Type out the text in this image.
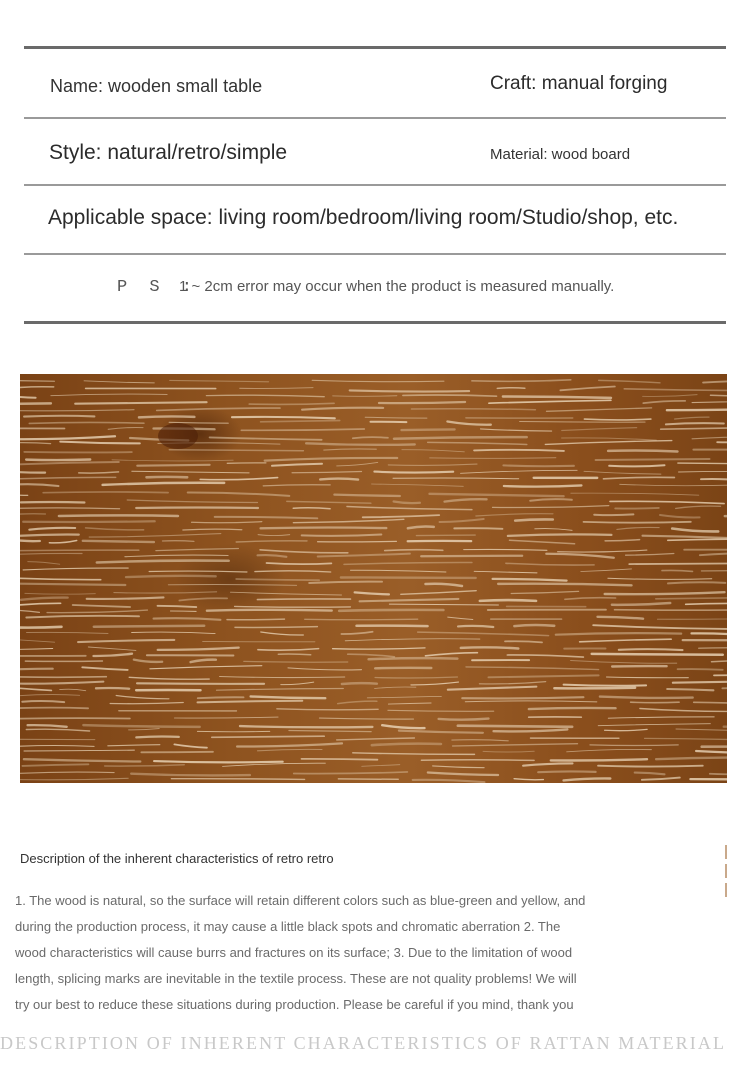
Name: wooden small table	Craft: manual forging
Style: natural/retro/simple	Material: wood board
Applicable space: living room/bedroom/living room/Studio/shop, etc.
P S :
1 ~ 2cm error may occur when the product is measured manually.
Description of the inherent characteristics of retro retro
1. The wood is natural, so the surface will retain different colors such as blue-green and yellow, and
during the production process, it may cause a little black spots and chromatic aberration 2. The
wood characteristics will cause burrs and fractures on its surface; 3. Due to the limitation of wood
length, splicing marks are inevitable in the textile process. These are not quality problems! We will
try our best to reduce these situations during production. Please be careful if you mind, thank you
DESCRIPTION OF INHERENT CHARACTERISTICS OF RATTAN MATERIAL
